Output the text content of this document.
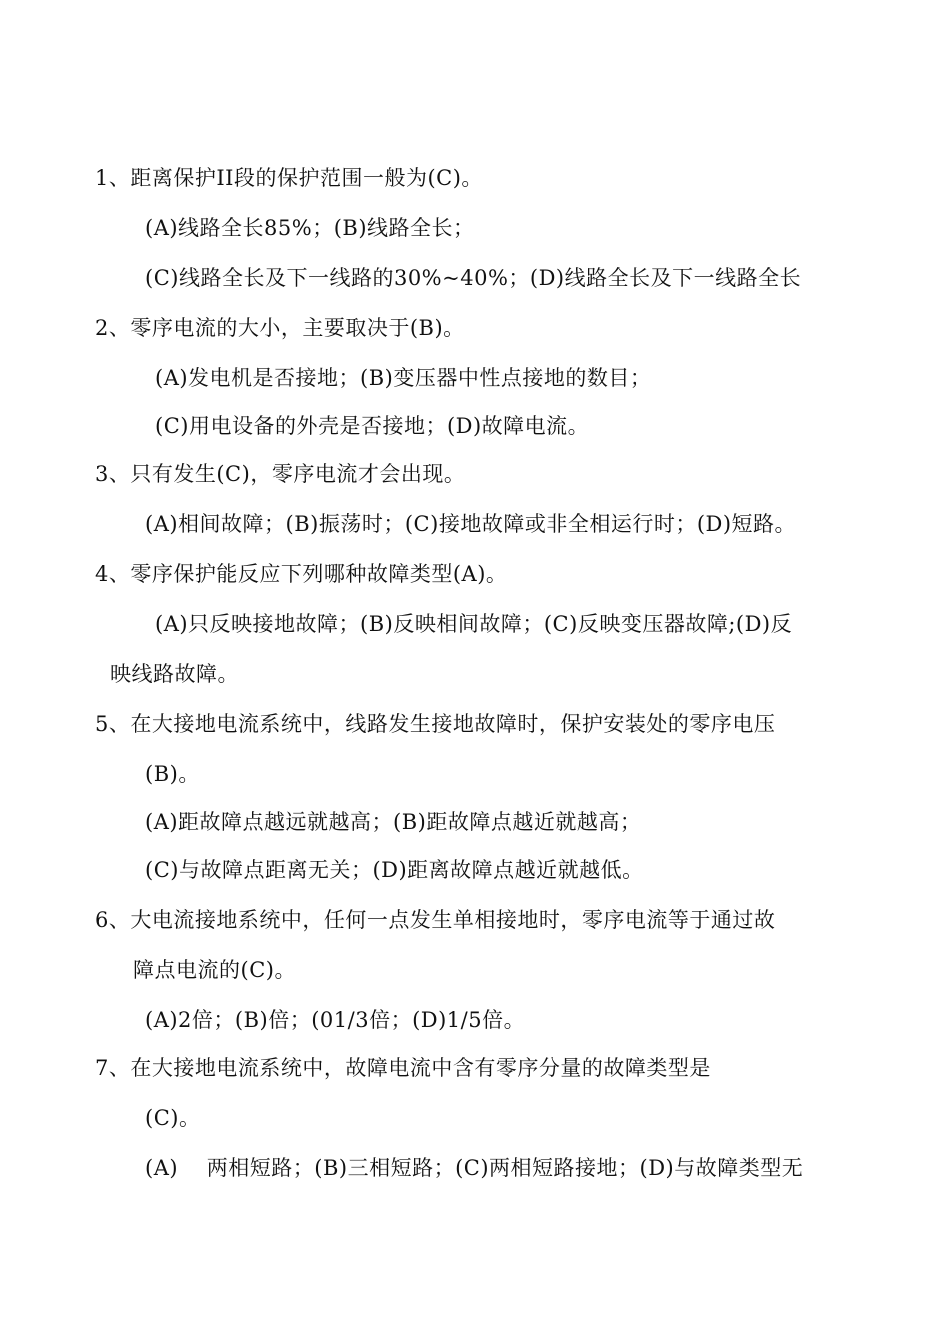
1、距离保护II段的保护范围一般为(C)。
(A)线路全长85%；(B)线路全长；
(C)线路全长及下一线路的30%~40%；(D)线路全长及下一线路全长
2、零序电流的大小，主要取决于(B)。
(A)发电机是否接地；(B)变压器中性点接地的数目；
(C)用电设备的外壳是否接地；(D)故障电流。
3、只有发生(C)，零序电流才会出现。
(A)相间故障；(B)振荡时；(C)接地故障或非全相运行时；(D)短路。
4、零序保护能反应下列哪种故障类型(A)。
(A)只反映接地故障；(B)反映相间故障；(C)反映变压器故障;(D)反
映线路故障。
5、在大接地电流系统中，线路发生接地故障时，保护安装处的零序电压
(B)。
(A)距故障点越远就越高；(B)距故障点越近就越高；
(C)与故障点距离无关；(D)距离故障点越近就越低。
6、大电流接地系统中，任何一点发生单相接地时，零序电流等于通过故
障点电流的(C)。
(A)2倍；(B)倍；(01/3倍；(D)1/5倍。
7、在大接地电流系统中，故障电流中含有零序分量的故障类型是
(C)。
(A)    两相短路；(B)三相短路；(C)两相短路接地；(D)与故障类型无
